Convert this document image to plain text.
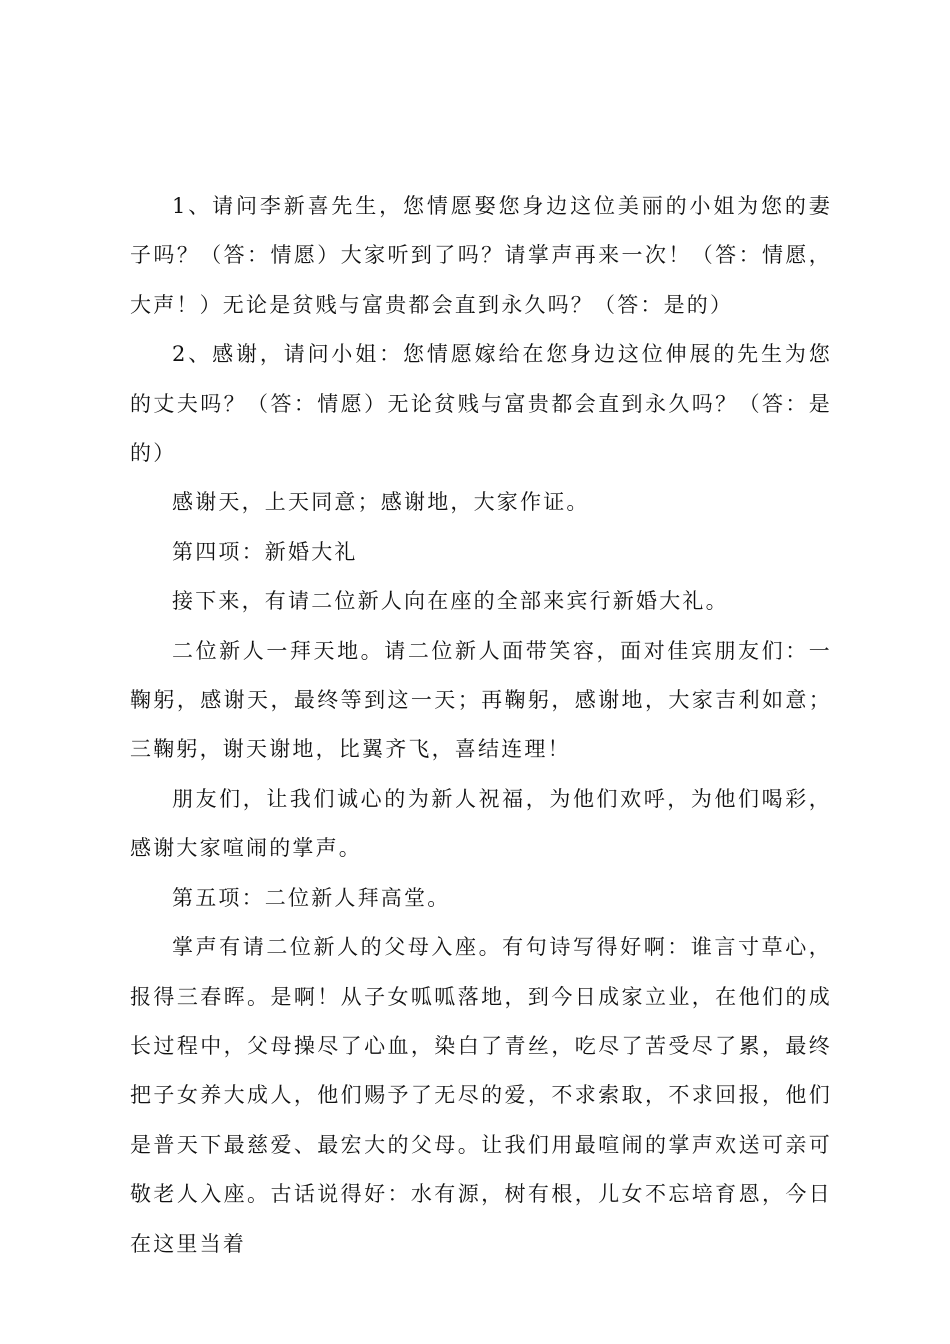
1、请问李新喜先生，您情愿娶您身边这位美丽的小姐为您的妻子吗？（答：情愿）大家听到了吗？请掌声再来一次！（答：情愿，大声！）无论是贫贱与富贵都会直到永久吗？（答：是的）

2、感谢，请问小姐：您情愿嫁给在您身边这位伸展的先生为您的丈夫吗？（答：情愿）无论贫贱与富贵都会直到永久吗？（答：是的）

感谢天，上天同意；感谢地，大家作证。

第四项：新婚大礼

接下来，有请二位新人向在座的全部来宾行新婚大礼。

二位新人一拜天地。请二位新人面带笑容，面对佳宾朋友们：一鞠躬，感谢天，最终等到这一天；再鞠躬，感谢地，大家吉利如意；三鞠躬，谢天谢地，比翼齐飞，喜结连理！

朋友们，让我们诚心的为新人祝福，为他们欢呼，为他们喝彩，感谢大家喧闹的掌声。

第五项：二位新人拜高堂。

掌声有请二位新人的父母入座。有句诗写得好啊：谁言寸草心，报得三春晖。是啊！从子女呱呱落地，到今日成家立业，在他们的成长过程中，父母操尽了心血，染白了青丝，吃尽了苦受尽了累，最终把子女养大成人，他们赐予了无尽的爱，不求索取，不求回报，他们是普天下最慈爱、最宏大的父母。让我们用最喧闹的掌声欢送可亲可敬老人入座。古话说得好：水有源，树有根，儿女不忘培育恩，今日在这里当着
